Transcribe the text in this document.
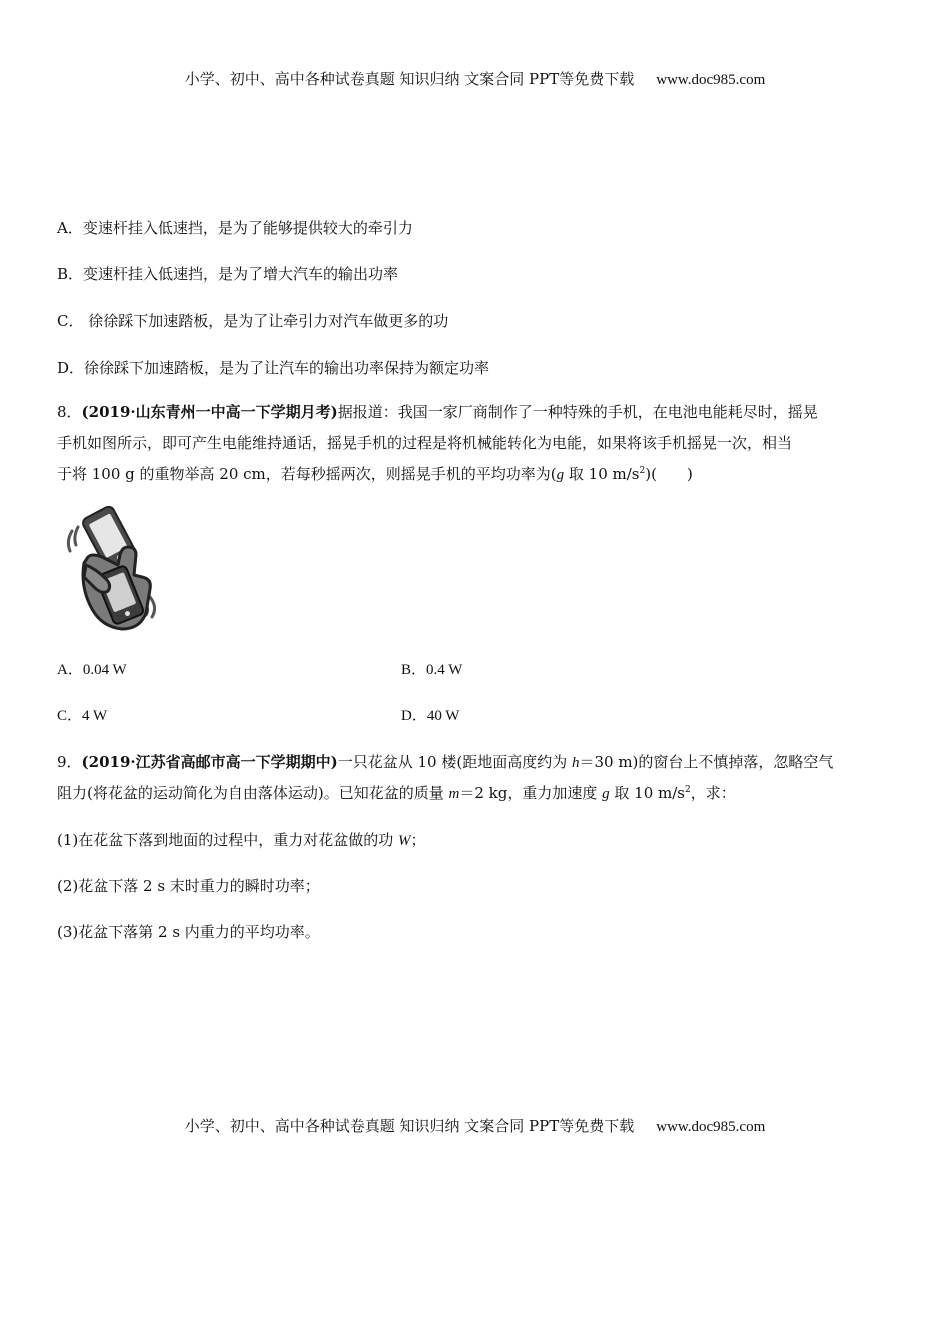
小学、初中、高中各种试卷真题 知识归纳 文案合同 PPT等免费下载 www.doc985.com
A．变速杆挂入低速挡，是为了能够提供较大的牵引力
B．变速杆挂入低速挡，是为了增大汽车的输出功率
C． 徐徐踩下加速踏板，是为了让牵引力对汽车做更多的功
D．徐徐踩下加速踏板，是为了让汽车的输出功率保持为额定功率
8．(2019·山东青州一中高一下学期月考)据报道：我国一家厂商制作了一种特殊的手机，在电池电能耗尽时，摇晃
手机如图所示，即可产生电能维持通话，摇晃手机的过程是将机械能转化为电能，如果将该手机摇晃一次，相当
于将 100 g 的重物举高 20 cm，若每秒摇两次，则摇晃手机的平均功率为(g 取 10 $m/s^2$)(　　)
A．0.04 W	B．0.4 W
C．4 W	D．40 W
9．(2019·江苏省高邮市高一下学期期中)一只花盆从 10 楼(距地面高度约为 h＝30 m)的窗台上不慎掉落，忽略空气
阻力(将花盆的运动简化为自由落体运动)。已知花盆的质量 m＝2 kg，重力加速度 g 取 10 $m/s^2$，求：
(1)在花盆下落到地面的过程中，重力对花盆做的功 W；
(2)花盆下落 2 s 末时重力的瞬时功率；
(3)花盆下落第 2 s 内重力的平均功率。
小学、初中、高中各种试卷真题 知识归纳 文案合同 PPT等免费下载 www.doc985.com
